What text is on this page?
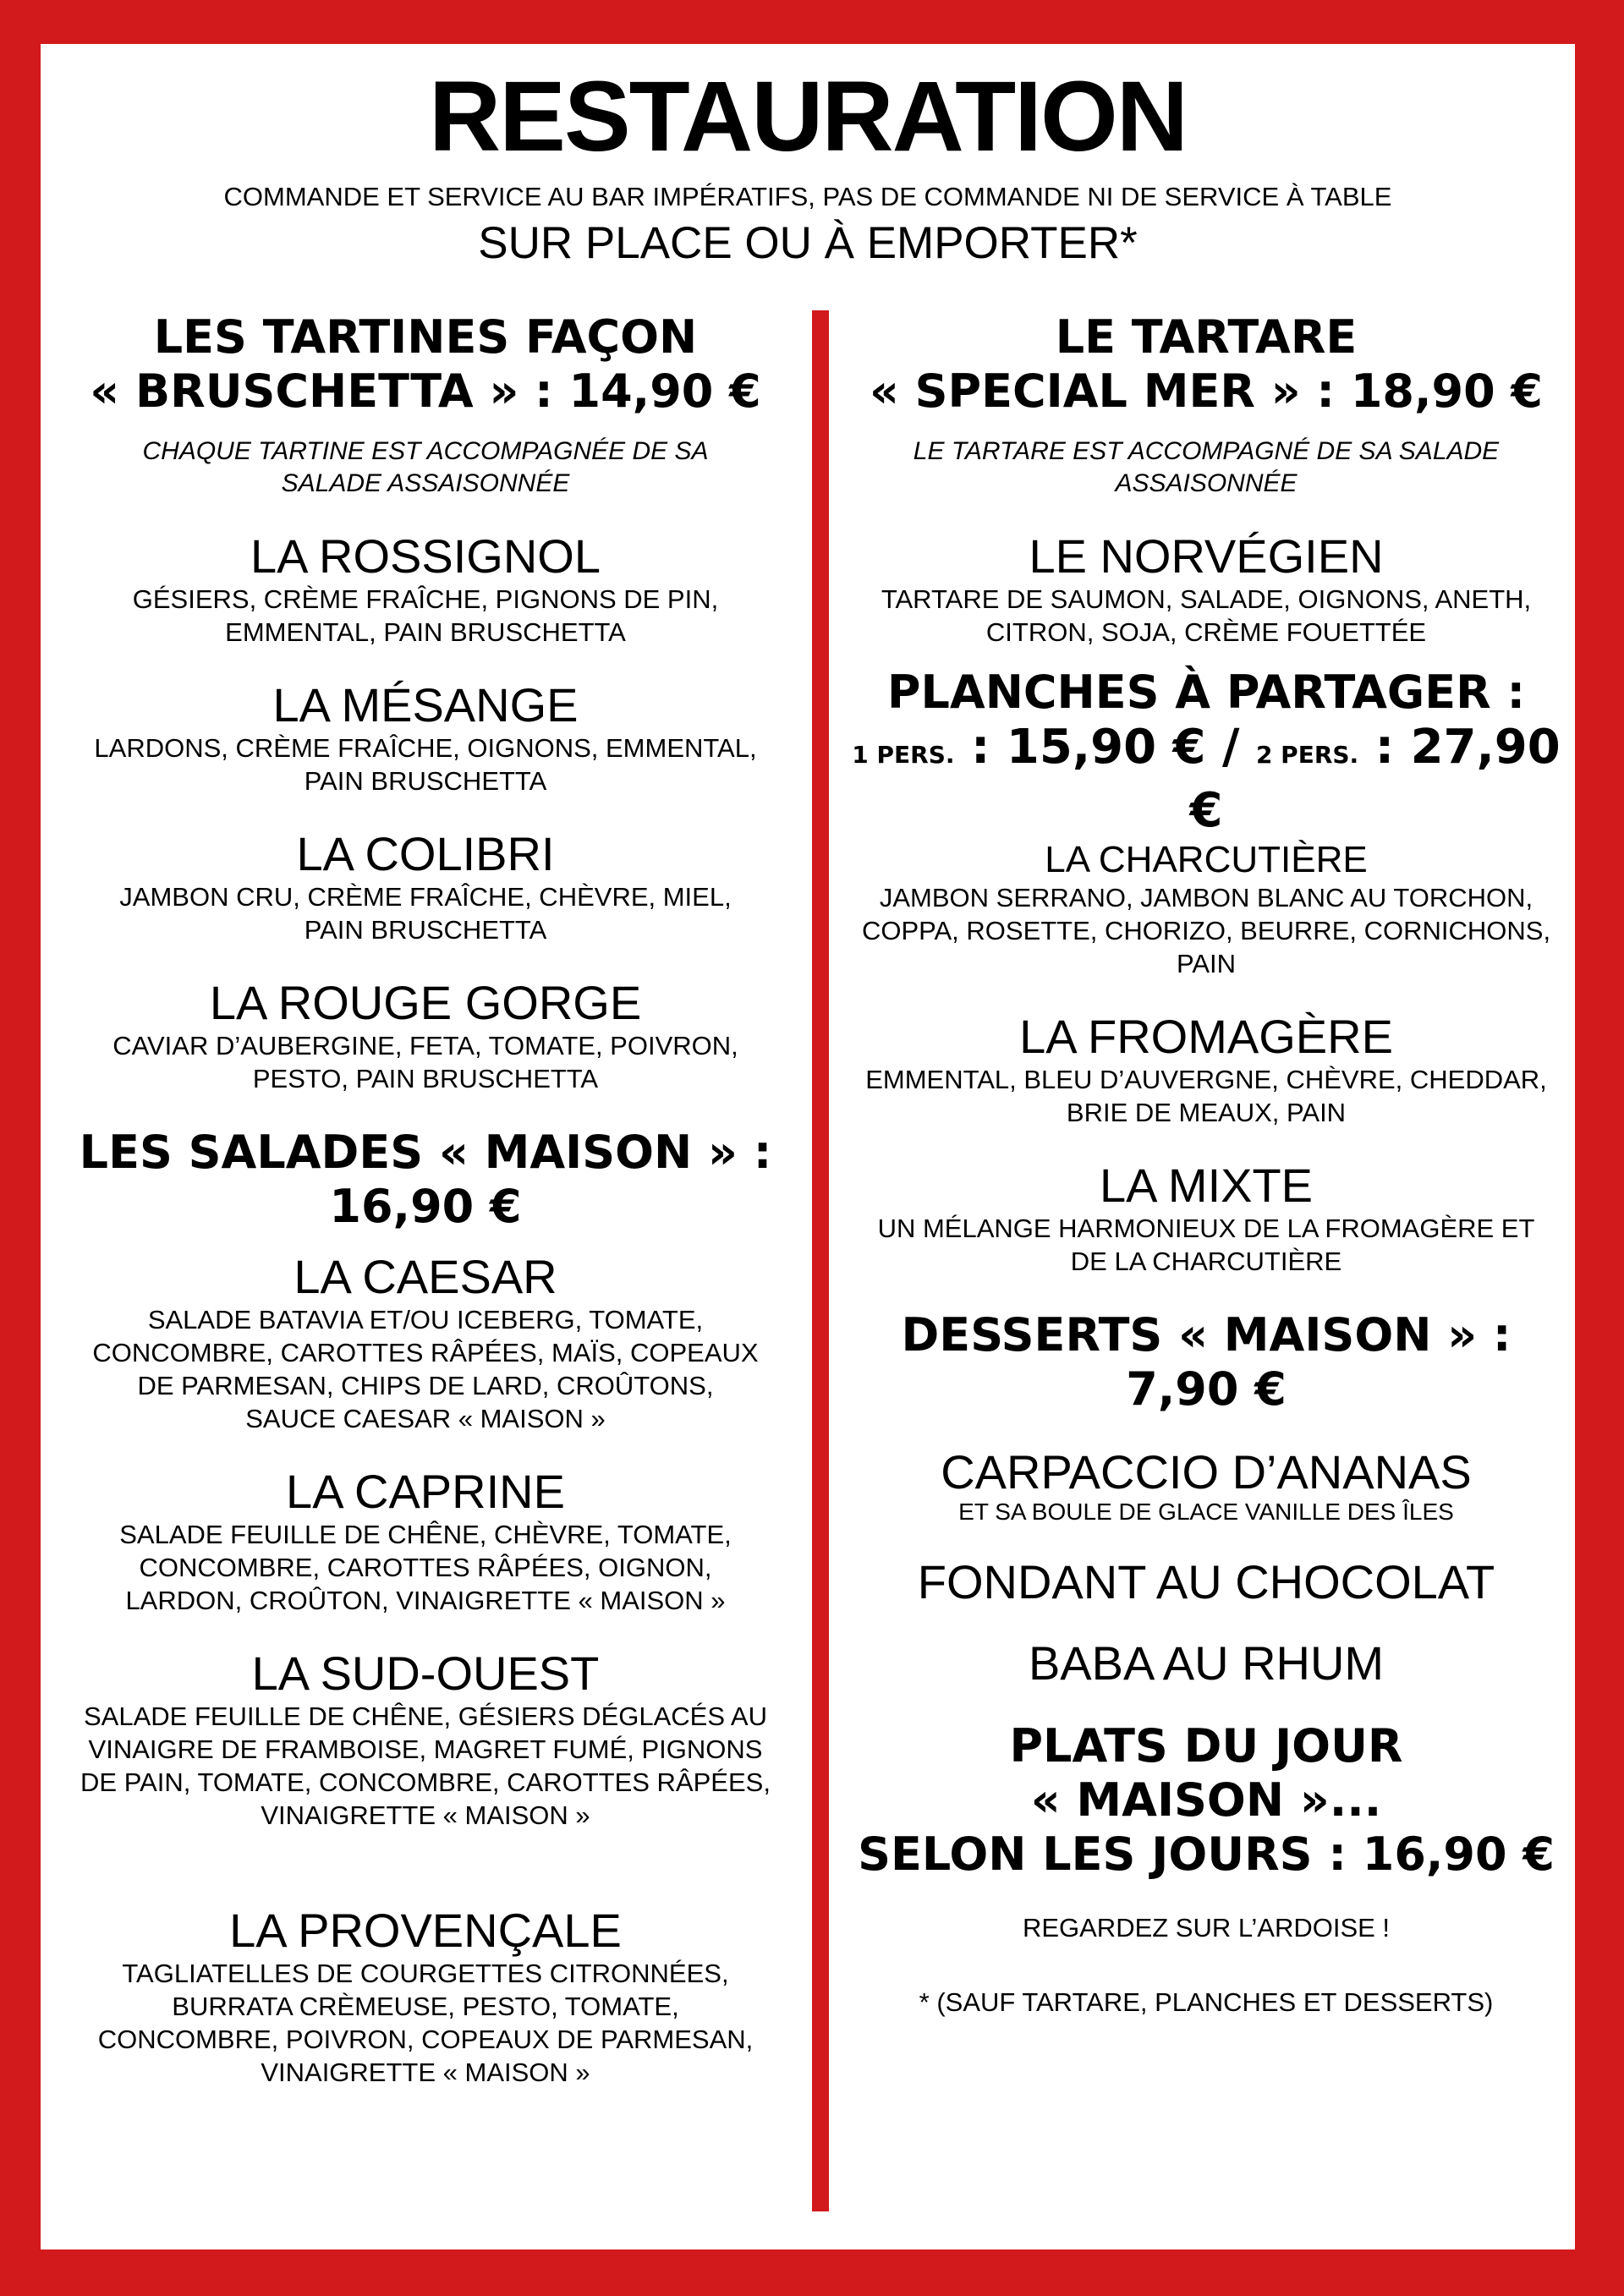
RESTAURATION

COMMANDE ET SERVICE AU BAR IMPÉRATIFS, PAS DE COMMANDE NI DE SERVICE À TABLE

SUR PLACE OU À EMPORTER*

LES TARTINES FAÇON

« BRUSCHETTA » : 14,90 €

CHAQUE TARTINE EST ACCOMPAGNÉE DE SA

SALADE ASSAISONNÉE

LA ROSSIGNOL

GÉSIERS, CRÈME FRAÎCHE, PIGNONS DE PIN,

EMMENTAL, PAIN BRUSCHETTA

LA MÉSANGE

LARDONS, CRÈME FRAÎCHE, OIGNONS, EMMENTAL,

PAIN BRUSCHETTA

LA COLIBRI

JAMBON CRU, CRÈME FRAÎCHE, CHÈVRE, MIEL,

PAIN BRUSCHETTA

LA ROUGE GORGE

CAVIAR D’AUBERGINE, FETA, TOMATE, POIVRON,

PESTO, PAIN BRUSCHETTA

LES SALADES « MAISON » :

16,90 €

LA CAESAR

SALADE BATAVIA ET/OU ICEBERG, TOMATE,

CONCOMBRE, CAROTTES RÂPÉES, MAÏS, COPEAUX

DE PARMESAN, CHIPS DE LARD, CROÛTONS,

SAUCE CAESAR « MAISON »

LA CAPRINE

SALADE FEUILLE DE CHÊNE, CHÈVRE, TOMATE,

CONCOMBRE, CAROTTES RÂPÉES, OIGNON,

LARDON, CROÛTON, VINAIGRETTE « MAISON »

LA SUD-OUEST

SALADE FEUILLE DE CHÊNE, GÉSIERS DÉGLACÉS AU

VINAIGRE DE FRAMBOISE, MAGRET FUMÉ, PIGNONS

DE PAIN, TOMATE, CONCOMBRE, CAROTTES RÂPÉES,

VINAIGRETTE « MAISON »

LA PROVENÇALE

TAGLIATELLES DE COURGETTES CITRONNÉES,

BURRATA CRÈMEUSE, PESTO, TOMATE,

CONCOMBRE, POIVRON, COPEAUX DE PARMESAN,

VINAIGRETTE « MAISON »

LE TARTARE

« SPECIAL MER » : 18,90 €

LE TARTARE EST ACCOMPAGNÉ DE SA SALADE

ASSAISONNÉE

LE NORVÉGIEN

TARTARE DE SAUMON, SALADE, OIGNONS, ANETH,

CITRON, SOJA, CRÈME FOUETTÉE

PLANCHES À PARTAGER :

1 PERS. : 15,90 € / 2 PERS. : 27,90 €

LA CHARCUTIÈRE

JAMBON SERRANO, JAMBON BLANC AU TORCHON,

COPPA, ROSETTE, CHORIZO, BEURRE, CORNICHONS,

PAIN

LA FROMAGÈRE

EMMENTAL, BLEU D’AUVERGNE, CHÈVRE, CHEDDAR,

BRIE DE MEAUX, PAIN

LA MIXTE

UN MÉLANGE HARMONIEUX DE LA FROMAGÈRE ET

DE LA CHARCUTIÈRE

DESSERTS « MAISON » :

7,90 €

CARPACCIO D’ANANAS

ET SA BOULE DE GLACE VANILLE DES ÎLES

FONDANT AU CHOCOLAT

BABA AU RHUM

PLATS DU JOUR

« MAISON »...

SELON LES JOURS : 16,90 €

REGARDEZ SUR L’ARDOISE !

* (SAUF TARTARE, PLANCHES ET DESSERTS)
